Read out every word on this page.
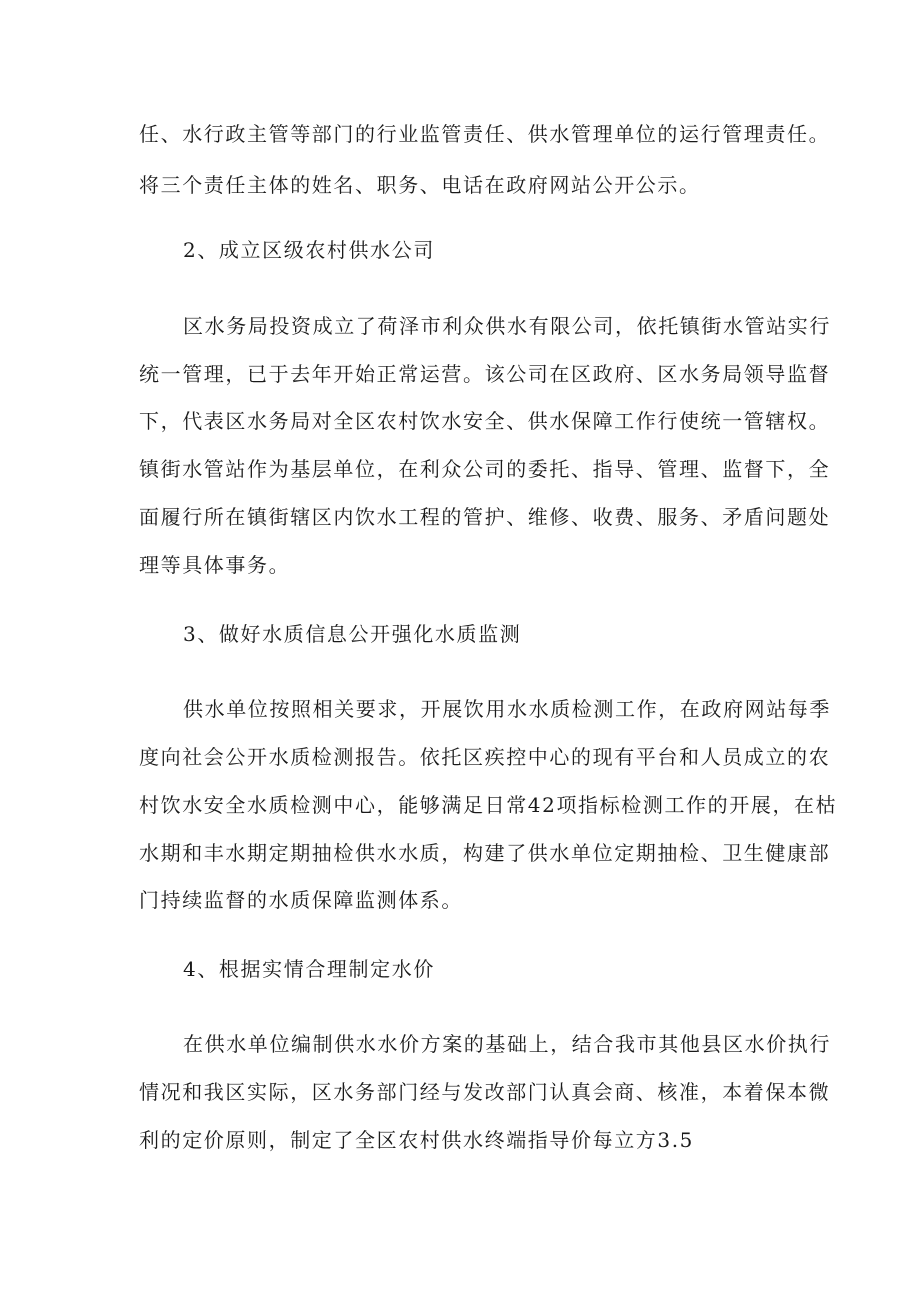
任、水行政主管等部门的行业监管责任、供水管理单位的运行管理责任。
将三个责任主体的姓名、职务、电话在政府网站公开公示。
2、成立区级农村供水公司
区水务局投资成立了荷泽市利众供水有限公司，依托镇街水管站实行
统一管理，已于去年开始正常运营。该公司在区政府、区水务局领导监督
下，代表区水务局对全区农村饮水安全、供水保障工作行使统一管辖权。
镇街水管站作为基层单位，在利众公司的委托、指导、管理、监督下，全
面履行所在镇街辖区内饮水工程的管护、维修、收费、服务、矛盾问题处
理等具体事务。
3、做好水质信息公开强化水质监测
供水单位按照相关要求，开展饮用水水质检测工作，在政府网站每季
度向社会公开水质检测报告。依托区疾控中心的现有平台和人员成立的农
村饮水安全水质检测中心，能够满足日常42项指标检测工作的开展，在枯
水期和丰水期定期抽检供水水质，构建了供水单位定期抽检、卫生健康部
门持续监督的水质保障监测体系。
4、根据实情合理制定水价
在供水单位编制供水水价方案的基础上，结合我市其他县区水价执行
情况和我区实际，区水务部门经与发改部门认真会商、核准，本着保本微
利的定价原则，制定了全区农村供水终端指导价每立方3.5
